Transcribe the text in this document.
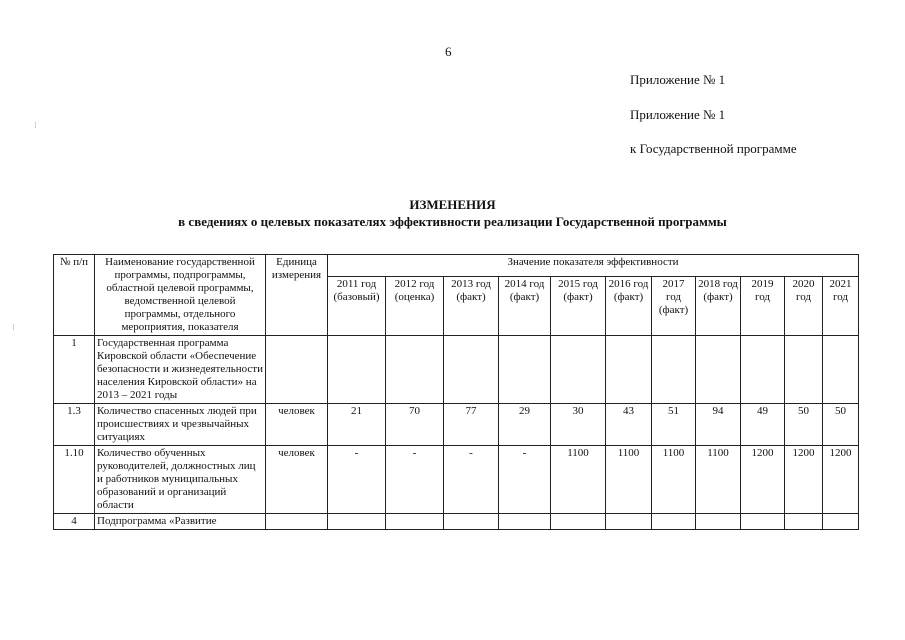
6
Приложение № 1
Приложение № 1
к Государственной программе
ИЗМЕНЕНИЯ
в сведениях о целевых показателях эффективности реализации Государственной программы
⁝
⁝
№ п/п	Наименование государственной программы, подпрограммы, областной целевой программы, ведомственной целевой программы, отдельного мероприятия, показателя	Единица измерения	Значение показателя эффективности										
			2011 год (базовый)	2012 год (оценка)	2013 год (факт)	2014 год (факт)	2015 год (факт)	2016 год (факт)	2017 год (факт)	2018 год (факт)	2019 год	2020 год	2021 год
1	Государственная программа Кировской области «Обеспечение безопасности и жизнедеятельности населения Кировской области» на 2013 – 2021 годы												
1.3	Количество спасенных людей при происшествиях и чрезвычайных ситуациях	человек	21	70	77	29	30	43	51	94	49	50	50
1.10	Количество обученных руководителей, должностных лиц и работников муниципальных образований и организаций области	человек	-	-	-	-	1100	1100	1100	1100	1200	1200	1200
4	Подпрограмма «Развитие												
